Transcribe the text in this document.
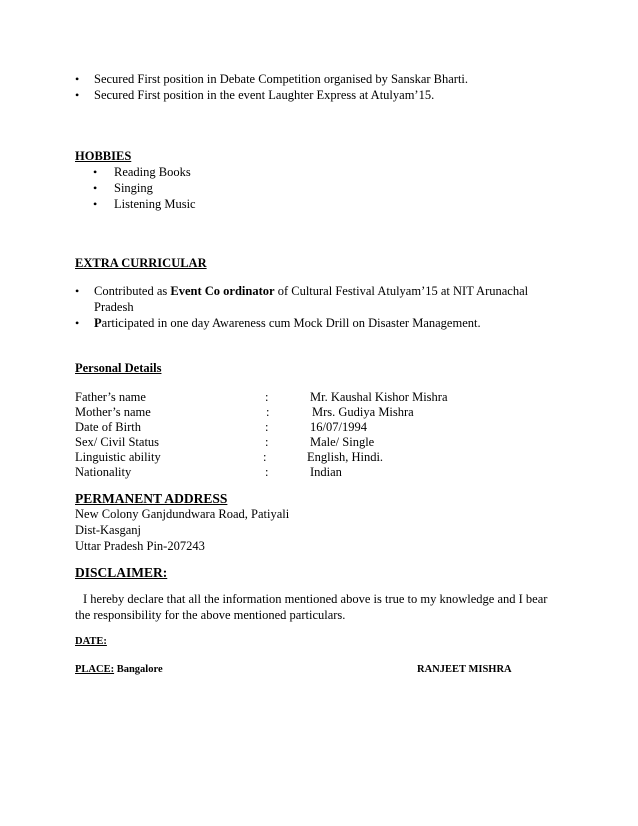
• Secured First position in Debate Competition organised by Sanskar Bharti.
• Secured First position in the event Laughter Express at Atulyam’15.
HOBBIES
• Reading Books
• Singing
• Listening Music
EXTRA CURRICULAR
• Contributed as Event Co ordinator of Cultural Festival Atulyam’15 at NIT Arunachal
Pradesh
• Participated in one day Awareness cum Mock Drill on Disaster Management.
Personal Details
Father’s name	:	Mr. Kaushal Kishor Mishra
Mother’s name	:	Mrs. Gudiya Mishra
Date of Birth	:	16/07/1994
Sex/ Civil Status	:	Male/ Single
Linguistic ability	:	English, Hindi.
Nationality	:	Indian
PERMANENT ADDRESS
New Colony Ganjdundwara Road, Patiyali
Dist-Kasganj
Uttar Pradesh Pin-207243
DISCLAIMER:
I hereby declare that all the information mentioned above is true to my knowledge and I bear
the responsibility for the above mentioned particulars.
DATE:
PLACE: Bangalore	RANJEET MISHRA
